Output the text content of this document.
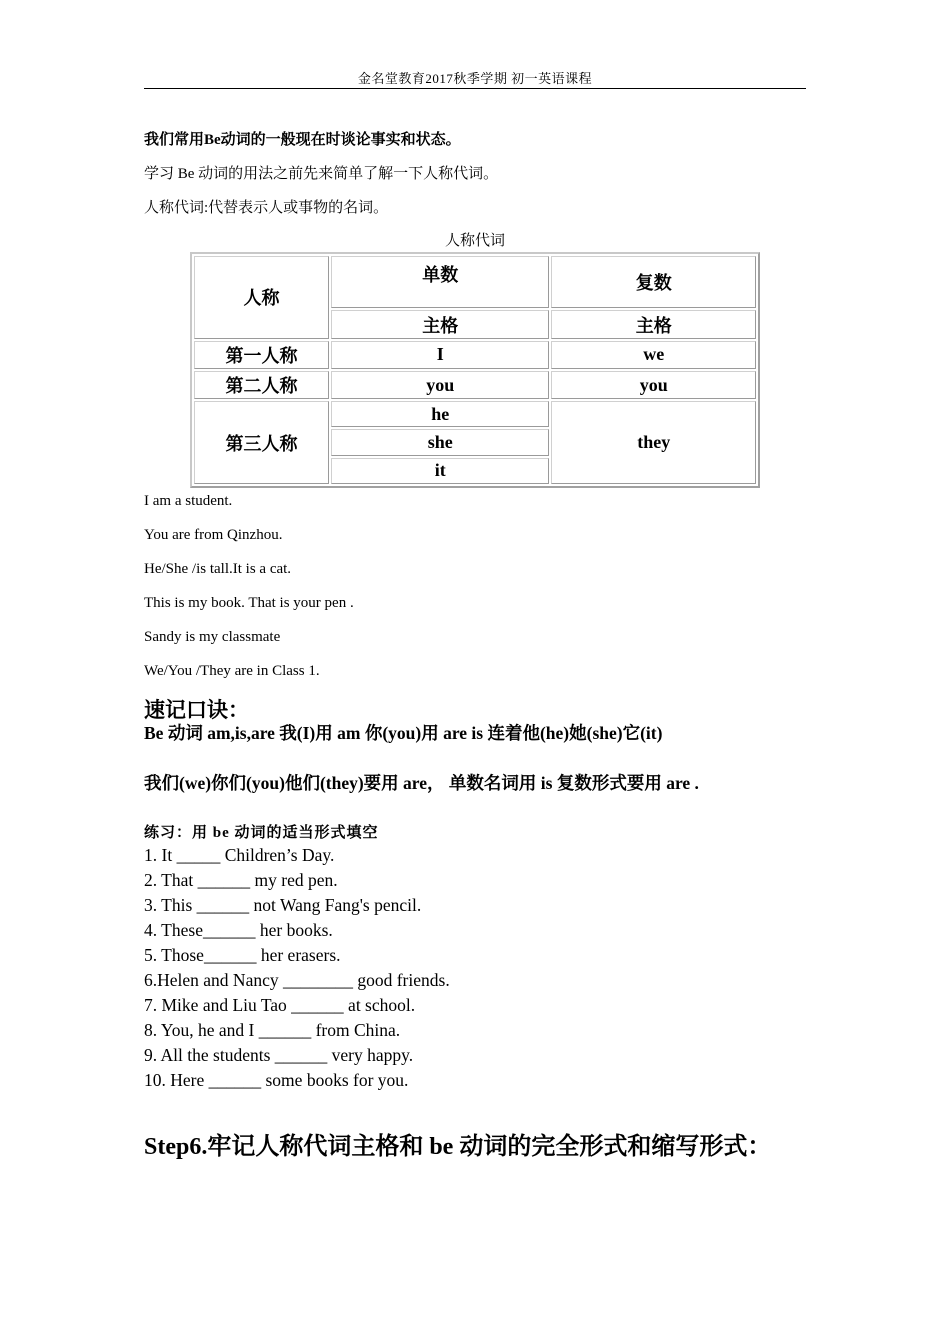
金名堂教育2017秋季学期 初一英语课程
我们常用Be动词的一般现在时谈论事实和状态。
学习 Be 动词的用法之前先来简单了解一下人称代词。
人称代词:代替表示人或事物的名词。
人称代词
人称	单数	复数
	主格	主格
第一人称	I	we
第二人称	you	you
第三人称	he	they
	she	
	it	
I am a student.
You are from Qinzhou.
He/She /is tall.It is a cat.
This is my book. That is your pen .
Sandy is my classmate
We/You /They are in Class 1.
速记口诀：
Be 动词 am,is,are 我(I)用 am 你(you)用 are is 连着他(he)她(she)它(it)
我们(we)你们(you)他们(they)要用 are， 单数名词用 is 复数形式要用 are .
练习：用 be 动词的适当形式填空
1. It _____ Children’s Day.
2. That ______ my red pen.
3. This ______ not Wang Fang's pencil.
4. These______ her books.
5. Those______ her erasers.
6.Helen and Nancy ________ good friends.
7. Mike and Liu Tao ______ at school.
8. You, he and I ______ from China.
9. All the students ______ very happy.
10. Here ______ some books for you.
Step6.牢记人称代词主格和 be 动词的完全形式和缩写形式：
